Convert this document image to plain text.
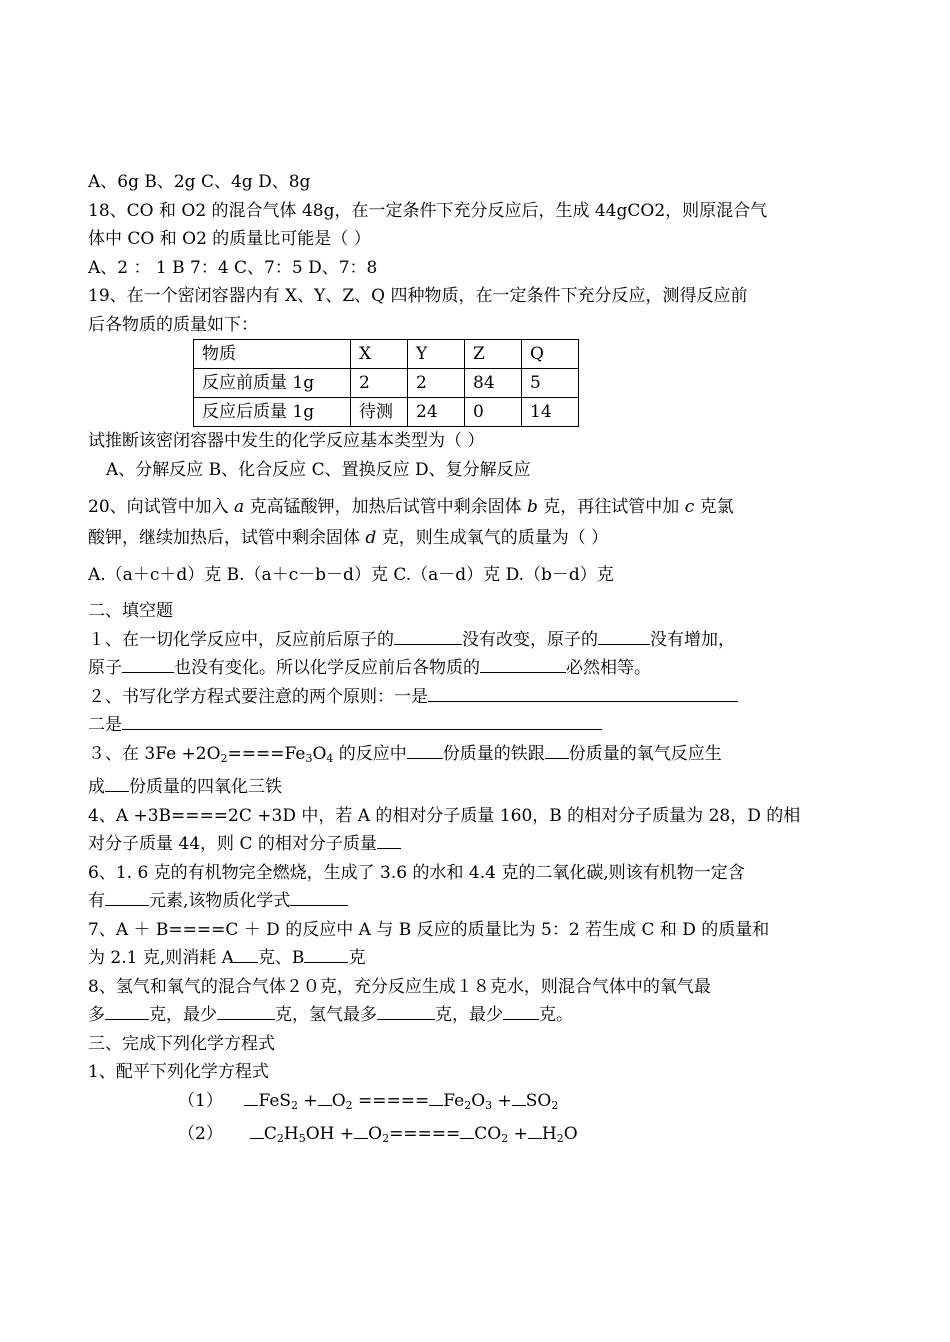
A、6g B、2g C、4g D、8g
18、CO 和 O2 的混合气体 48g，在一定条件下充分反应后，生成 44gCO2，则原混合气
体中 CO 和 O2 的质量比可能是（ ）
A、2 ： 1 B 7：4 C、7：5 D、7：8
19、在一个密闭容器内有 X、Y、Z、Q 四种物质，在一定条件下充分反应，测得反应前
后各物质的质量如下：
物质	X	Y	Z	Q
反应前质量 1g	2	2	84	5
反应后质量 1g	待测	24	0	14
试推断该密闭容器中发生的化学反应基本类型为（ ）
A、分解反应 B、化合反应 C、置换反应 D、复分解反应
20、向试管中加入 a 克高锰酸钾，加热后试管中剩余固体 b 克，再往试管中加 c 克氯
酸钾，继续加热后，试管中剩余固体 d 克，则生成氧气的质量为（ ）
A.（a＋c＋d）克 B.（a＋c－b－d）克 C.（a－d）克 D.（b－d）克
二、填空题
１、在一切化学反应中，反应前后原子的	没有改变，原子的	没有增加，
原子	也没有变化。所以化学反应前后各物质的	必然相等。
２、书写化学方程式要注意的两个原则：一是
二是
３、在 $3Fe +2O_2====Fe_3O_4$ 的反应中 份质量的铁跟 份质量的氧气反应生
成 份质量的四氧化三铁
4、A +3B====2C +3D 中，若 A 的相对分子质量 160，B 的相对分子质量为 28，D 的相
对分子质量 44，则 C 的相对分子质量
6、1. 6 克的有机物完全燃烧，生成了 3.6 的水和 4.4 克的二氧化碳,则该有机物一定含
有	元素,该物质化学式
7、A ＋ B====C ＋ D 的反应中 A 与 B 反应的质量比为 5：2 若生成 C 和 D 的质量和
为 2.1 克,则消耗 A 克、B	克
8、氢气和氧气的混合气体２０克，充分反应生成１８克水，则混合气体中的氧气最
多	克，最少	克，氢气最多	克，最少 克。
三、完成下列化学方程式
1、配平下列化学方程式
（1） $FeS_2 + O_2$ ===== $Fe_2O_3 + SO_2$
（2） $C_2H_5OH + O_2===== CO_2 + H_2O$
